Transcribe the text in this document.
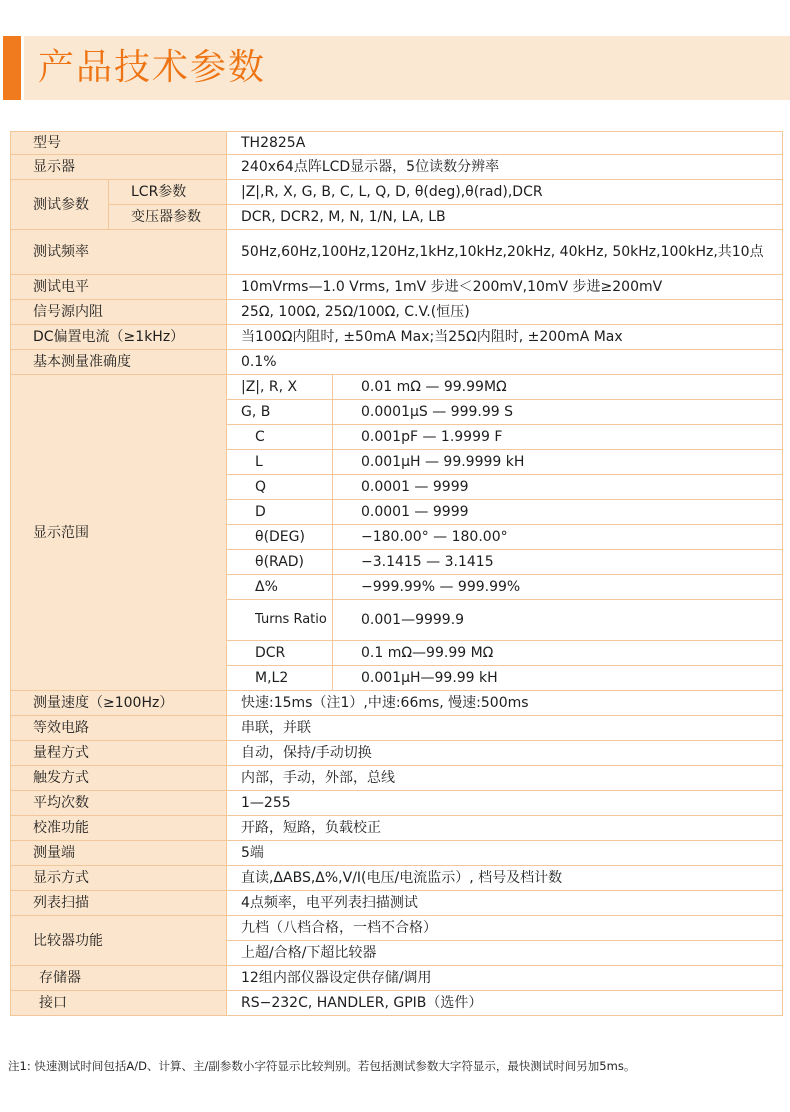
产品技术参数
型号		TH2825A	
显示器		240x64点阵LCD显示器，5位读数分辨率	
测试参数	LCR参数	|Z|,R, X, G, B, C, L, Q, D, θ(deg),θ(rad),DCR	
	变压器参数	DCR, DCR2, M, N, 1/N, LA, LB	
测试频率		50Hz,60Hz,100Hz,120Hz,1kHz,10kHz,20kHz, 40kHz, 50kHz,100kHz,共10点	
测试电平		10mVrms—1.0 Vrms, 1mV 步进＜200mV,10mV 步进≥200mV	
信号源内阻		25Ω, 100Ω, 25Ω/100Ω, C.V.(恒压)	
DC偏置电流（≥1kHz）		当100Ω内阻时, ±50mA Max;当25Ω内阻时, ±200mA Max	
基本测量准确度		0.1%	
显示范围		|Z|, R, X	0.01 mΩ — 99.99MΩ
		G, B	0.0001μS — 999.99 S
		C	0.001pF — 1.9999 F
		L	0.001μH — 99.9999 kH
		Q	0.0001 — 9999
		D	0.0001 — 9999
		θ(DEG)	−180.00° — 180.00°
		θ(RAD)	−3.1415 — 3.1415
		Δ%	−999.99% — 999.99%
		Turns Ratio	0.001—9999.9
		DCR	0.1 mΩ—99.99 MΩ
		M,L2	0.001μH—99.99 kH
测量速度（≥100Hz）		快速:15ms（注1）,中速:66ms, 慢速:500ms	
等效电路		串联，并联	
量程方式		自动，保持/手动切换	
触发方式		内部，手动，外部，总线	
平均次数		1—255	
校准功能		开路，短路，负载校正	
测量端		5端	
显示方式		直读,ΔABS,Δ%,V/I(电压/电流监示）, 档号及档计数	
列表扫描		4点频率，电平列表扫描测试	
比较器功能		九档（八档合格，一档不合格）	
		上超/合格/下超比较器	
存储器		12组内部仪器设定供存储/调用	
接口		RS−232C, HANDLER, GPIB（选件）	
注1: 快速测试时间包括A/D、计算、主/副参数小字符显示比较判别。若包括测试参数大字符显示，最快测试时间另加5ms。
